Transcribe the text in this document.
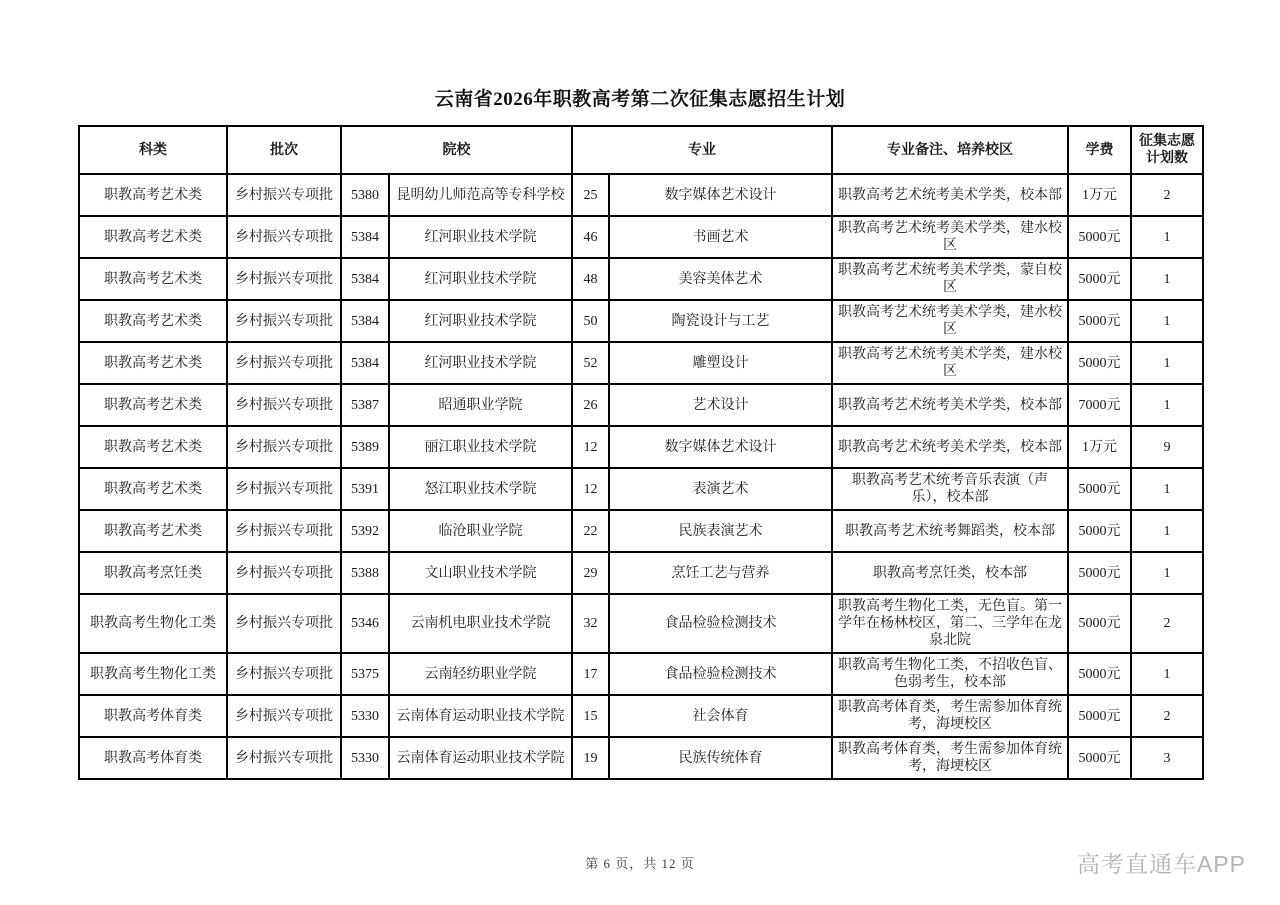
云南省2026年职教高考第二次征集志愿招生计划
科类	批次	院校		专业		专业备注、培养校区	学费	征集志愿计划数
职教高考艺术类	乡村振兴专项批	5380	昆明幼儿师范高等专科学校	25	数字媒体艺术设计	职教高考艺术统考美术学类，校本部	1万元	2
职教高考艺术类	乡村振兴专项批	5384	红河职业技术学院	46	书画艺术	职教高考艺术统考美术学类，建水校区	5000元	1
职教高考艺术类	乡村振兴专项批	5384	红河职业技术学院	48	美容美体艺术	职教高考艺术统考美术学类，蒙自校区	5000元	1
职教高考艺术类	乡村振兴专项批	5384	红河职业技术学院	50	陶瓷设计与工艺	职教高考艺术统考美术学类，建水校区	5000元	1
职教高考艺术类	乡村振兴专项批	5384	红河职业技术学院	52	雕塑设计	职教高考艺术统考美术学类，建水校区	5000元	1
职教高考艺术类	乡村振兴专项批	5387	昭通职业学院	26	艺术设计	职教高考艺术统考美术学类，校本部	7000元	1
职教高考艺术类	乡村振兴专项批	5389	丽江职业技术学院	12	数字媒体艺术设计	职教高考艺术统考美术学类，校本部	1万元	9
职教高考艺术类	乡村振兴专项批	5391	怒江职业技术学院	12	表演艺术	职教高考艺术统考音乐表演（声乐），校本部	5000元	1
职教高考艺术类	乡村振兴专项批	5392	临沧职业学院	22	民族表演艺术	职教高考艺术统考舞蹈类，校本部	5000元	1
职教高考烹饪类	乡村振兴专项批	5388	文山职业技术学院	29	烹饪工艺与营养	职教高考烹饪类，校本部	5000元	1
职教高考生物化工类	乡村振兴专项批	5346	云南机电职业技术学院	32	食品检验检测技术	职教高考生物化工类，无色盲。第一学年在杨林校区，第二、三学年在龙泉北院	5000元	2
职教高考生物化工类	乡村振兴专项批	5375	云南轻纺职业学院	17	食品检验检测技术	职教高考生物化工类，不招收色盲、色弱考生，校本部	5000元	1
职教高考体育类	乡村振兴专项批	5330	云南体育运动职业技术学院	15	社会体育	职教高考体育类，考生需参加体育统考，海埂校区	5000元	2
职教高考体育类	乡村振兴专项批	5330	云南体育运动职业技术学院	19	民族传统体育	职教高考体育类，考生需参加体育统考，海埂校区	5000元	3
第 6 页，共 12 页	高考直通车APP
